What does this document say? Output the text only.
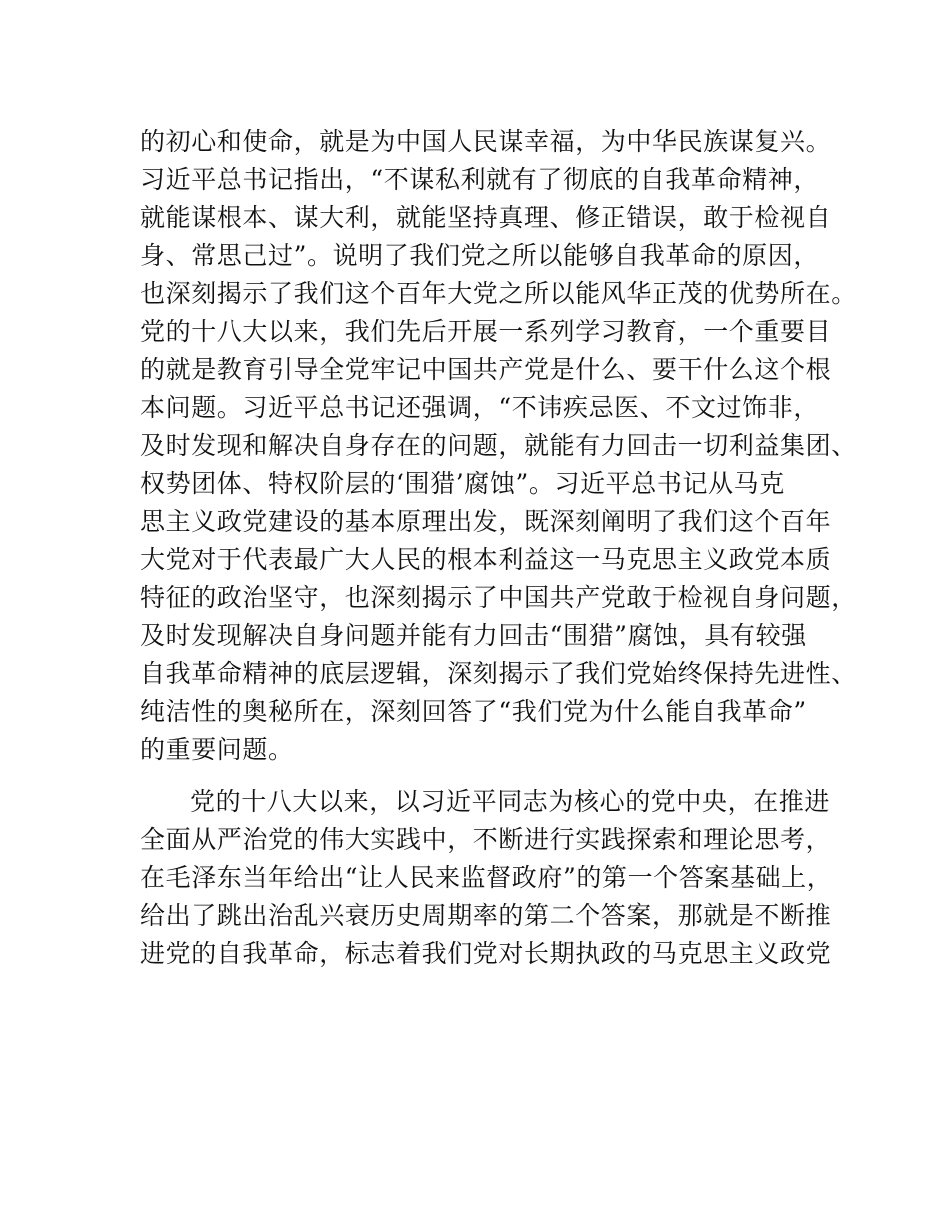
的初心和使命，就是为中国人民谋幸福，为中华民族谋复兴。

习近平总书记指出，“不谋私利就有了彻底的自我革命精神，

就能谋根本、谋大利，就能坚持真理、修正错误，敢于检视自

身、常思己过”。说明了我们党之所以能够自我革命的原因，

也深刻揭示了我们这个百年大党之所以能风华正茂的优势所在。

党的十八大以来，我们先后开展一系列学习教育，一个重要目

的就是教育引导全党牢记中国共产党是什么、要干什么这个根

本问题。习近平总书记还强调，“不讳疾忌医、不文过饰非，

及时发现和解决自身存在的问题，就能有力回击一切利益集团、

权势团体、特权阶层的‘围猎’腐蚀”。习近平总书记从马克

思主义政党建设的基本原理出发，既深刻阐明了我们这个百年

大党对于代表最广大人民的根本利益这一马克思主义政党本质

特征的政治坚守，也深刻揭示了中国共产党敢于检视自身问题，

及时发现解决自身问题并能有力回击“围猎”腐蚀，具有较强

自我革命精神的底层逻辑，深刻揭示了我们党始终保持先进性、

纯洁性的奥秘所在，深刻回答了“我们党为什么能自我革命”

的重要问题。

党的十八大以来，以习近平同志为核心的党中央，在推进

全面从严治党的伟大实践中，不断进行实践探索和理论思考，

在毛泽东当年给出“让人民来监督政府”的第一个答案基础上，

给出了跳出治乱兴衰历史周期率的第二个答案，那就是不断推

进党的自我革命，标志着我们党对长期执政的马克思主义政党
